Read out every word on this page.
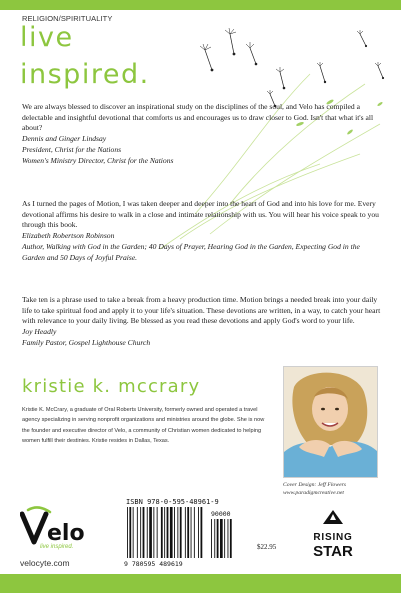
RELIGION/SPIRITUALITY
live
inspired.

We are always blessed to discover an inspirational study on the disciplines of the soul, and Velo has compiled a delectable and insightful devotional that comforts us and encourages us to draw closer to God. Isn't that what it's all about?

Dennis and Ginger Lindsay

President, Christ for the Nations

Women's Ministry Director, Christ for the Nations

As I turned the pages of Motion, I was taken deeper and deeper into the heart of God and into his love for me. Every devotional affirms his desire to walk in a close and intimate relationship with us. You will hear his voice speak to you through this book.

Elizabeth Robertson Robinson

Author, Walking with God in the Garden; 40 Days of Prayer, Hearing God in the Garden, Expecting God in the Garden and 50 Days of Joyful Praise.

Take ten is a phrase used to take a break from a heavy production time. Motion brings a needed break into your daily life to take spiritual food and apply it to your life's situation. These devotions are written, in a way, to catch your heart with relevance to your daily living. Be blessed as you read these devotions and apply God's word to your life.

Joy Headly

Family Pastor, Gospel Lighthouse Church

kristie k. mccrary
Kristie K. McCrary, a graduate of Oral Roberts University, formerly owned and operated a travel agency specializing in serving nonprofit organizations and ministries around the globe. She is now the founder and executive director of Velo, a community of Christian women dedicated to helping women fulfill their destinies. Kristie resides in Dallas, Texas.
Cover Design: Jeff Flowers
www.paradigmcreative.net
ISBN 978-0-595-48961-9
9 780595 489619
90000
$22.95
elo
live inspired.
velocyte.com
RISING
STAR
